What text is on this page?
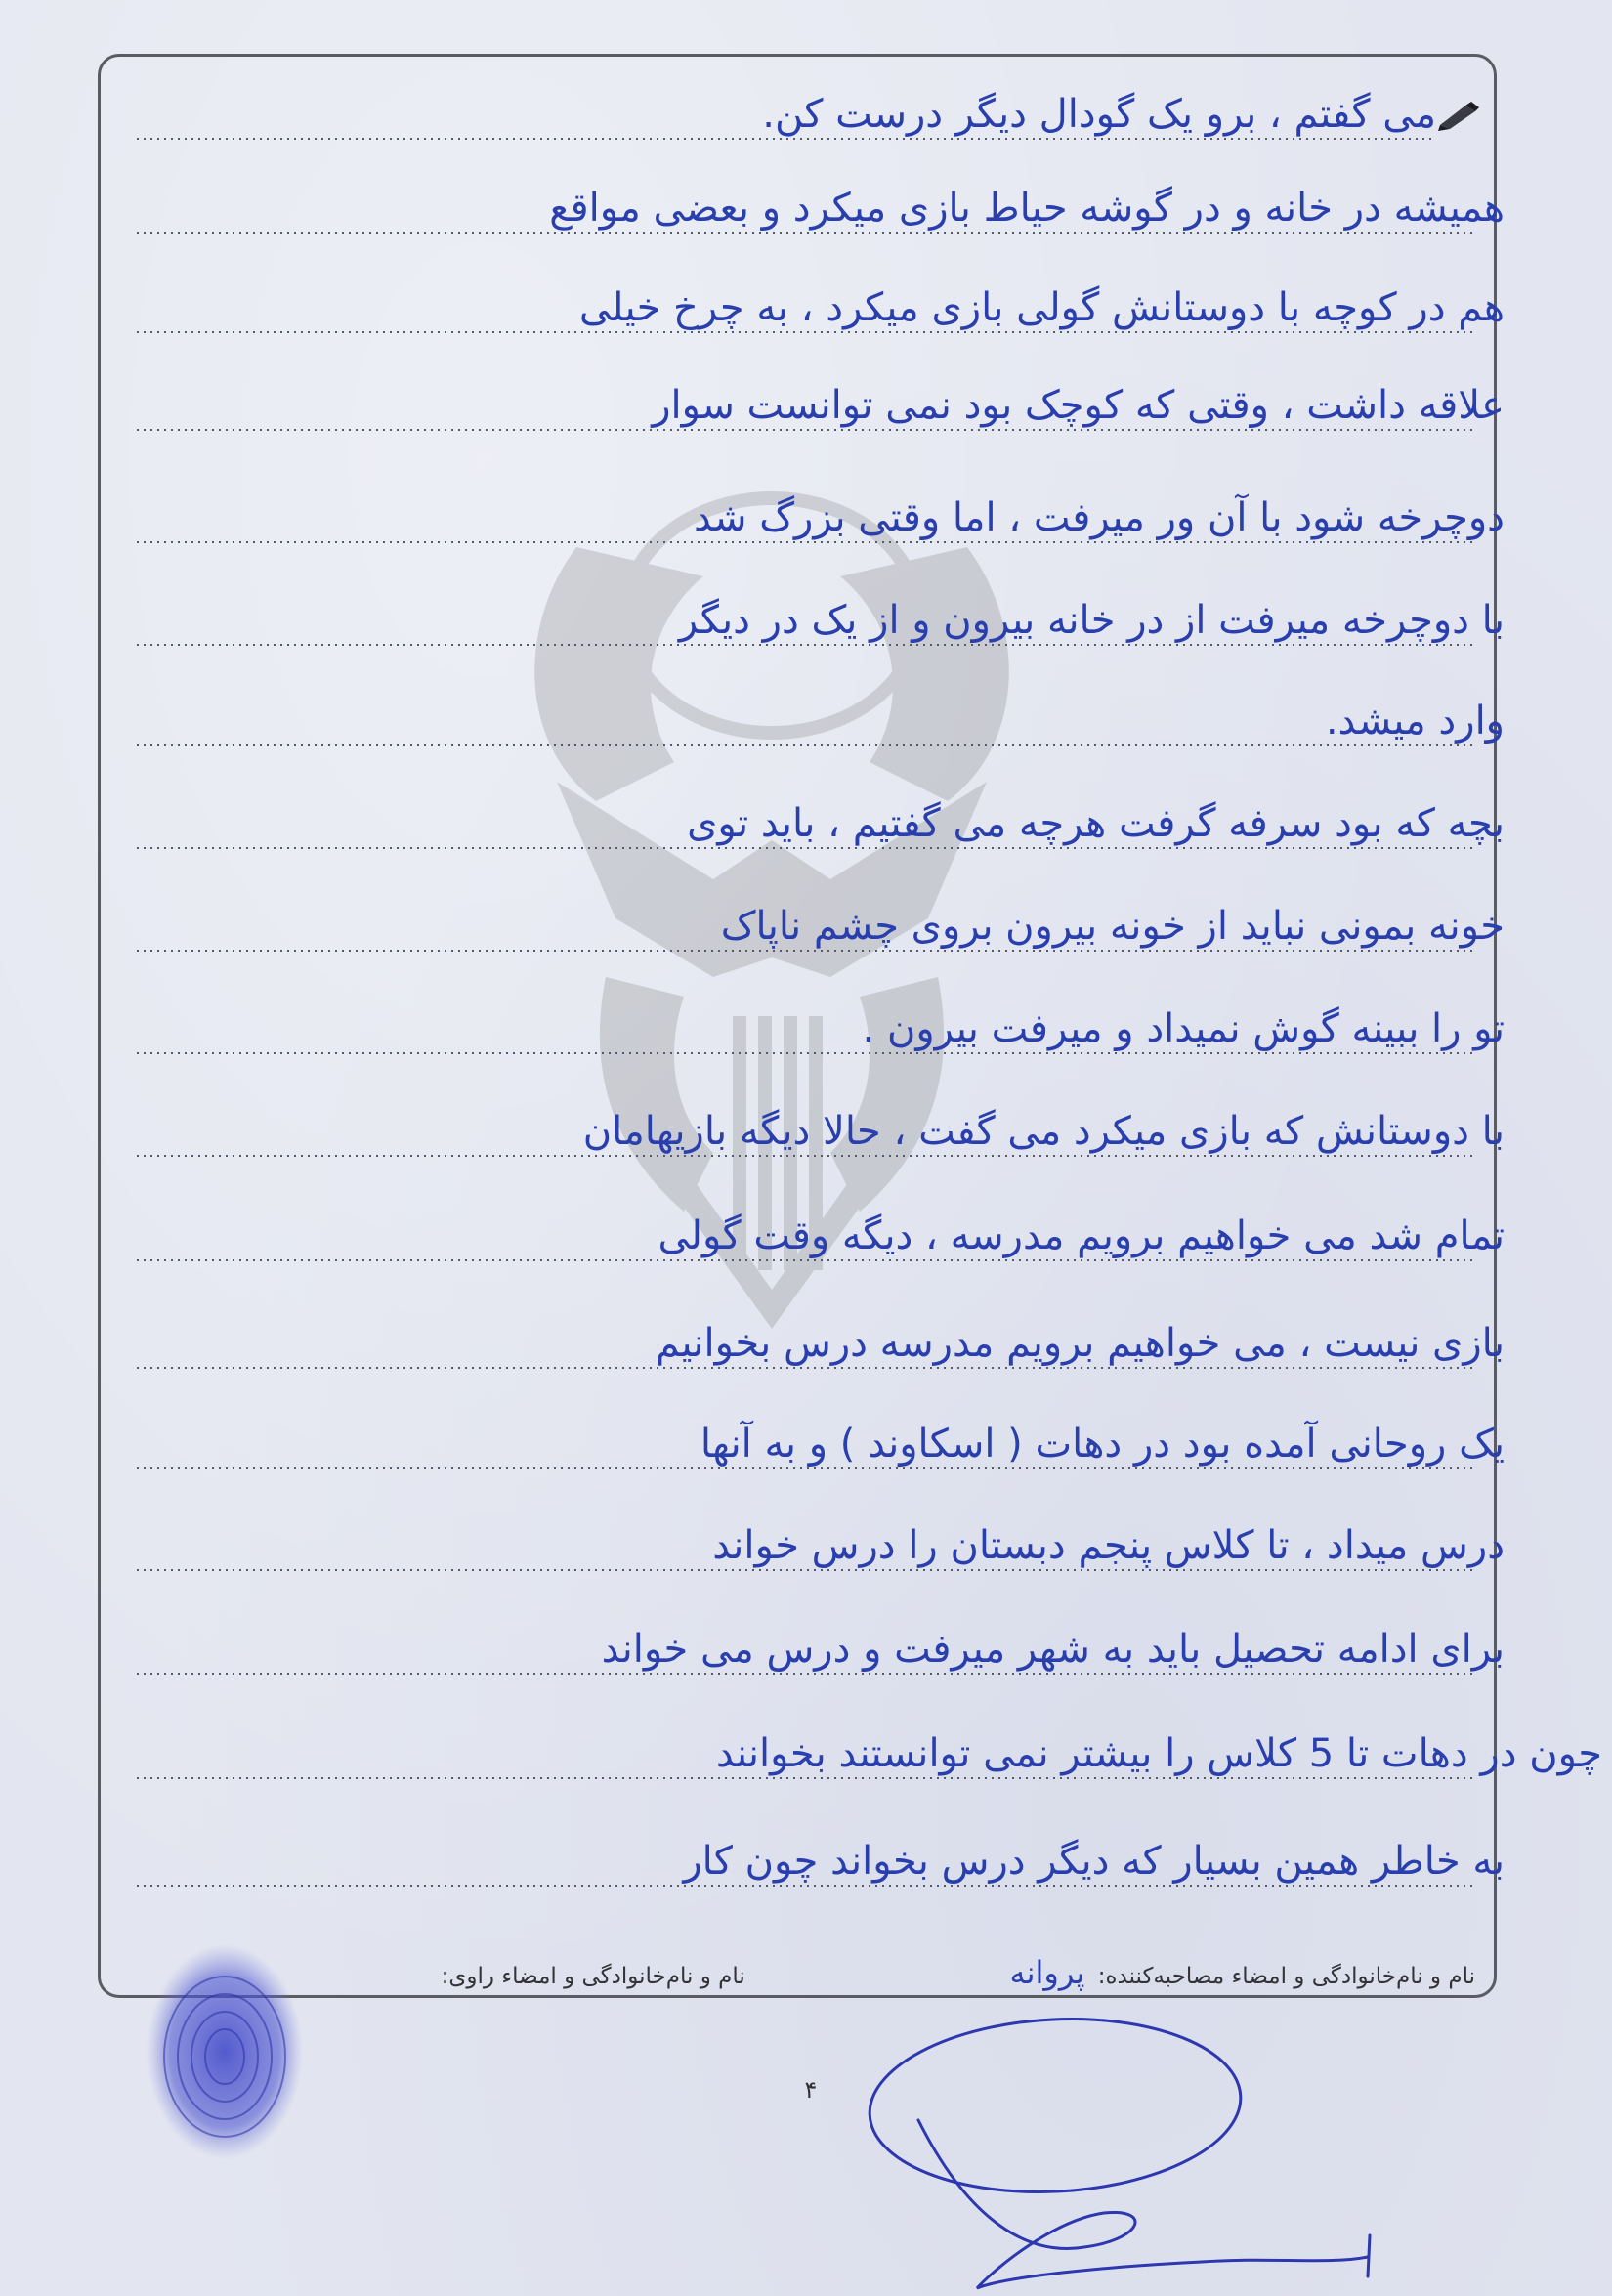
می گفتم ، برو یک گودال دیگر درست کن.
همیشه در خانه و در گوشه حیاط بازی میکرد و بعضی مواقع
هم در کوچه با دوستانش گولی بازی میکرد ، به چرخ خیلی
علاقه داشت ، وقتی که کوچک بود نمی توانست سوار
دوچرخه شود با آن ور میرفت ، اما وقتی بزرگ شد
با دوچرخه میرفت از در خانه بیرون و از یک در دیگر
وارد میشد.
بچه که بود سرفه گرفت هرچه می گفتیم ، باید توی
خونه بمونی نباید از خونه بیرون بروی چشم ناپاک
تو را ببینه گوش نمیداد و میرفت بیرون .
با دوستانش که بازی میکرد می گفت ، حالا دیگه بازیهامان
تمام شد می خواهیم برویم مدرسه ، دیگه وقت گولی
بازی نیست ، می خواهیم برویم مدرسه درس بخوانیم
یک روحانی آمده بود در دهات ( اسکاوند ) و به آنها
درس میداد ، تا کلاس پنجم دبستان را درس خواند
برای ادامه تحصیل باید به شهر میرفت و درس می خواند
چون در دهات تا 5 کلاس را بیشتر نمی توانستند بخوانند
به خاطر همین بسیار که دیگر درس بخواند چون کار
نام و نام‌خانوادگی و امضاء مصاحبه‌کننده: پروانه  نام و نام‌خانوادگی و امضاء راوی:
۴
